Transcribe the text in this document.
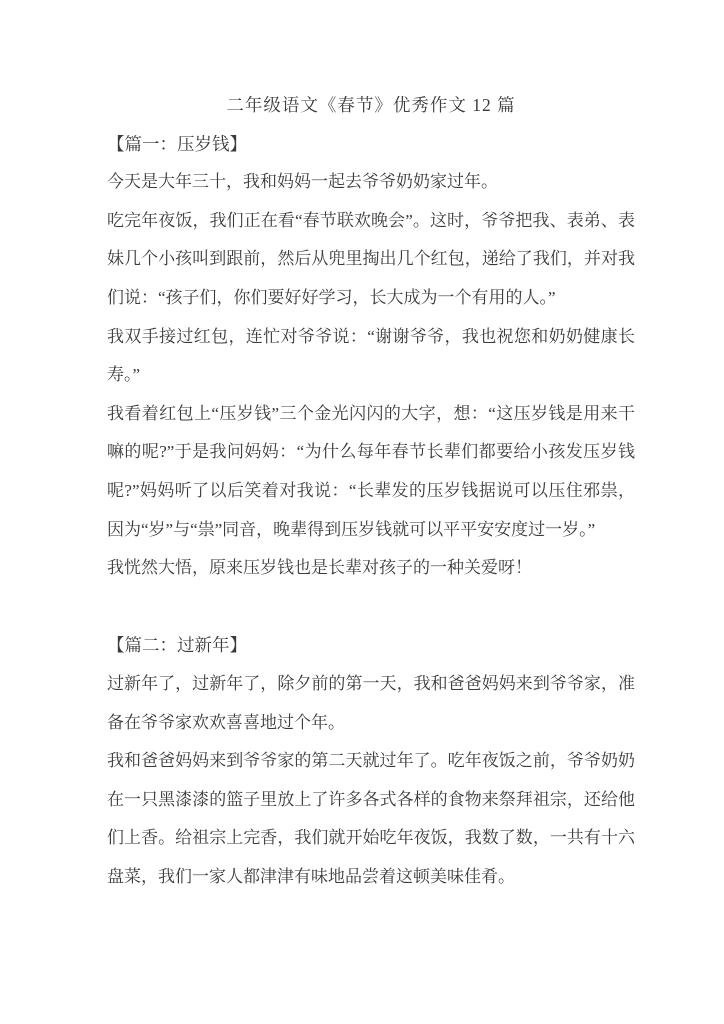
二年级语文《春节》优秀作文 12 篇
【篇一：压岁钱】

今天是大年三十，我和妈妈一起去爷爷奶奶家过年。

吃完年夜饭，我们正在看“春节联欢晚会”。这时，爷爷把我、表弟、表妹几个小孩叫到跟前，然后从兜里掏出几个红包，递给了我们，并对我们说：“孩子们，你们要好好学习，长大成为一个有用的人。”

我双手接过红包，连忙对爷爷说：“谢谢爷爷，我也祝您和奶奶健康长寿。”

我看着红包上“压岁钱”三个金光闪闪的大字，想：“这压岁钱是用来干嘛的呢?”于是我问妈妈：“为什么每年春节长辈们都要给小孩发压岁钱呢?”妈妈听了以后笑着对我说：“长辈发的压岁钱据说可以压住邪祟，因为“岁”与“祟”同音，晚辈得到压岁钱就可以平平安安度过一岁。”

我恍然大悟，原来压岁钱也是长辈对孩子的一种关爱呀！

【篇二：过新年】

过新年了，过新年了，除夕前的第一天，我和爸爸妈妈来到爷爷家，准备在爷爷家欢欢喜喜地过个年。

我和爸爸妈妈来到爷爷家的第二天就过年了。吃年夜饭之前，爷爷奶奶在一只黑漆漆的篮子里放上了许多各式各样的食物来祭拜祖宗，还给他们上香。给祖宗上完香，我们就开始吃年夜饭，我数了数，一共有十六盘菜，我们一家人都津津有味地品尝着这顿美味佳肴。
